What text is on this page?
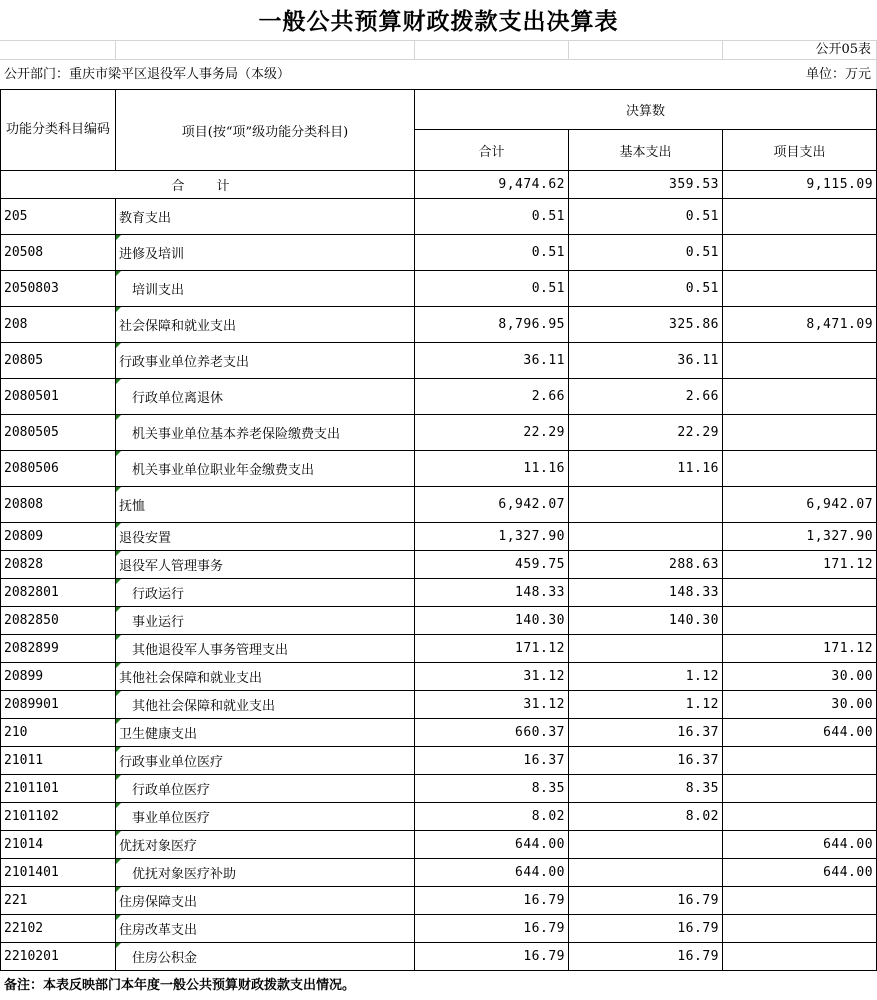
一般公共预算财政拨款支出决算表
公开05表
公开部门：重庆市梁平区退役军人事务局（本级）	单位：万元
功能分类科目编码	项目(按“项”级功能分类科目)	决算数		
		合计	基本支出	项目支出
合 计		9,474.62	359.53	9,115.09
205	教育支出	0.51	0.51	
20508	进修及培训	0.51	0.51	
2050803	培训支出	0.51	0.51	
208	社会保障和就业支出	8,796.95	325.86	8,471.09
20805	行政事业单位养老支出	36.11	36.11	
2080501	行政单位离退休	2.66	2.66	
2080505	机关事业单位基本养老保险缴费支出	22.29	22.29	
2080506	机关事业单位职业年金缴费支出	11.16	11.16	
20808	抚恤	6,942.07		6,942.07
20809	退役安置	1,327.90		1,327.90
20828	退役军人管理事务	459.75	288.63	171.12
2082801	行政运行	148.33	148.33	
2082850	事业运行	140.30	140.30	
2082899	其他退役军人事务管理支出	171.12		171.12
20899	其他社会保障和就业支出	31.12	1.12	30.00
2089901	其他社会保障和就业支出	31.12	1.12	30.00
210	卫生健康支出	660.37	16.37	644.00
21011	行政事业单位医疗	16.37	16.37	
2101101	行政单位医疗	8.35	8.35	
2101102	事业单位医疗	8.02	8.02	
21014	优抚对象医疗	644.00		644.00
2101401	优抚对象医疗补助	644.00		644.00
221	住房保障支出	16.79	16.79	
22102	住房改革支出	16.79	16.79	
2210201	住房公积金	16.79	16.79	
备注：本表反映部门本年度一般公共预算财政拨款支出情况。
